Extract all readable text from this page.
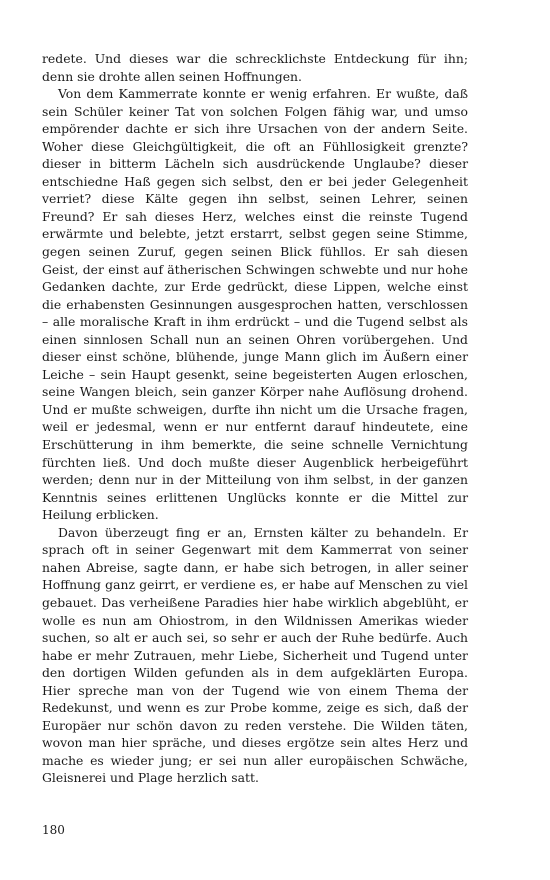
redete. Und dieses war die schrecklichste Entdeckung für ihn; denn sie drohte allen seinen Hoffnungen.

Von dem Kammerrate konnte er wenig erfahren. Er wußte, daß sein Schüler keiner Tat von solchen Folgen fähig war, und umso empörender dachte er sich ihre Ursachen von der andern Seite. Woher diese Gleichgültigkeit, die oft an Fühllosigkeit grenzte? dieser in bitterm Lächeln sich ausdrückende Unglaube? dieser entschiedne Haß gegen sich selbst, den er bei jeder Gelegenheit verriet? diese Kälte gegen ihn selbst, seinen Lehrer, seinen Freund? Er sah dieses Herz, welches einst die reinste Tugend erwärmte und belebte, jetzt erstarrt, selbst gegen seine Stimme, gegen seinen Zuruf, gegen seinen Blick fühllos. Er sah diesen Geist, der einst auf ätherischen Schwingen schwebte und nur hohe Gedanken dachte, zur Erde gedrückt, diese Lippen, welche einst die erhabensten Gesinnungen ausgesprochen hatten, verschlossen – alle moralische Kraft in ihm erdrückt – und die Tugend selbst als einen sinnlosen Schall nun an seinen Ohren vorübergehen. Und dieser einst schöne, blühende, junge Mann glich im Äußern einer Leiche – sein Haupt gesenkt, seine begeisterten Augen erloschen, seine Wangen bleich, sein ganzer Körper nahe Auflösung drohend. Und er mußte schweigen, durfte ihn nicht um die Ursache fragen, weil er jedesmal, wenn er nur entfernt darauf hindeutete, eine Erschütterung in ihm bemerkte, die seine schnelle Vernichtung fürchten ließ. Und doch mußte dieser Augenblick herbeigeführt werden; denn nur in der Mitteilung von ihm selbst, in der ganzen Kenntnis seines erlittenen Unglücks konnte er die Mittel zur Heilung erblicken.

Davon überzeugt fing er an, Ernsten kälter zu behandeln. Er sprach oft in seiner Gegenwart mit dem Kammerrat von seiner nahen Abreise, sagte dann, er habe sich betrogen, in aller seiner Hoffnung ganz geirrt, er verdiene es, er habe auf Menschen zu viel gebauet. Das verheißene Paradies hier habe wirklich abgeblüht, er wolle es nun am Ohiostrom, in den Wildnissen Amerikas wieder suchen, so alt er auch sei, so sehr er auch der Ruhe bedürfe. Auch habe er mehr Zutrauen, mehr Liebe, Sicherheit und Tugend unter den dortigen Wilden gefunden als in dem aufgeklärten Europa. Hier spreche man von der Tugend wie von einem Thema der Redekunst, und wenn es zur Probe komme, zeige es sich, daß der Europäer nur schön davon zu reden verstehe. Die Wilden täten, wovon man hier spräche, und dieses ergötze sein altes Herz und mache es wieder jung; er sei nun aller europäischen Schwäche, Gleisnerei und Plage herzlich satt.

180
